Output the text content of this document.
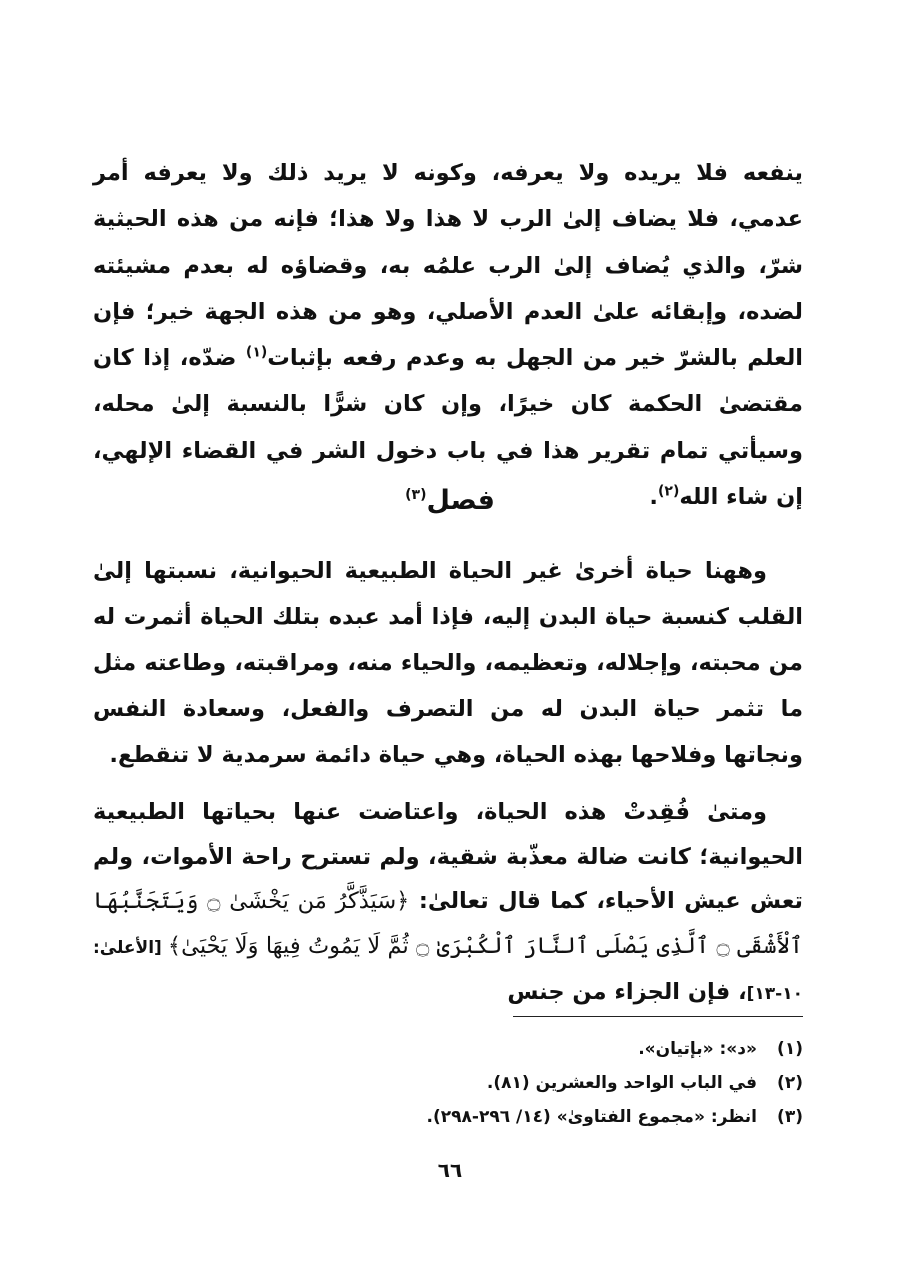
ينفعه فلا يريده ولا يعرفه، وكونه لا يريد ذلك ولا يعرفه أمر عدمي، فلا يضاف إلىٰ الرب لا هذا ولا هذا؛ فإنه من هذه الحيثية شرّ، والذي يُضاف إلىٰ الرب علمُه به، وقضاؤه له بعدم مشيئته لضده، وإبقائه علىٰ العدم الأصلي، وهو من هذه الجهة خير؛ فإن العلم بالشرّ خير من الجهل به وعدم رفعه بإثبات$^{(١)}$ ضدّه، إذا كان مقتضىٰ الحكمة كان خيرًا، وإن كان شرًّا بالنسبة إلىٰ محله، وسيأتي تمام تقرير هذا في باب دخول الشر في القضاء الإلهي، إن شاء الله$^{(٢)}$.
فصل$^{(٣)}$
وههنا حياة أخرىٰ غير الحياة الطبيعية الحيوانية، نسبتها إلىٰ القلب كنسبة حياة البدن إليه، فإذا أمد عبده بتلك الحياة أثمرت له من محبته، وإجلاله، وتعظيمه، والحياء منه، ومراقبته، وطاعته مثل ما تثمر حياة البدن له من التصرف والفعل، وسعادة النفس ونجاتها وفلاحها بهذه الحياة، وهي حياة دائمة سرمدية لا تنقطع.
ومتىٰ فُقِدتْ هذه الحياة، واعتاضت عنها بحياتها الطبيعية الحيوانية؛ كانت ضالة معذّبة شقية، ولم تسترح راحة الأموات، ولم تعش عيش الأحياء، كما قال تعالىٰ: ﴿سَيَذَّكَّرُ مَن يَخْشَىٰ ۝ وَيَتَجَنَّبُهَا ٱلْأَشْقَى ۝ ٱلَّذِى يَصْلَى ٱلنَّارَ ٱلْكُبْرَىٰ ۝ ثُمَّ لَا يَمُوتُ فِيهَا وَلَا يَحْيَىٰ﴾ [الأعلىٰ: ١٠-١٣]، فإن الجزاء من جنس
(١)«د»: «بإتيان».
(٢)في الباب الواحد والعشرين (٨١).
(٣)انظر: «مجموع الفتاوىٰ» (١٤/ ٢٩٦-٢٩٨).
٦٦
